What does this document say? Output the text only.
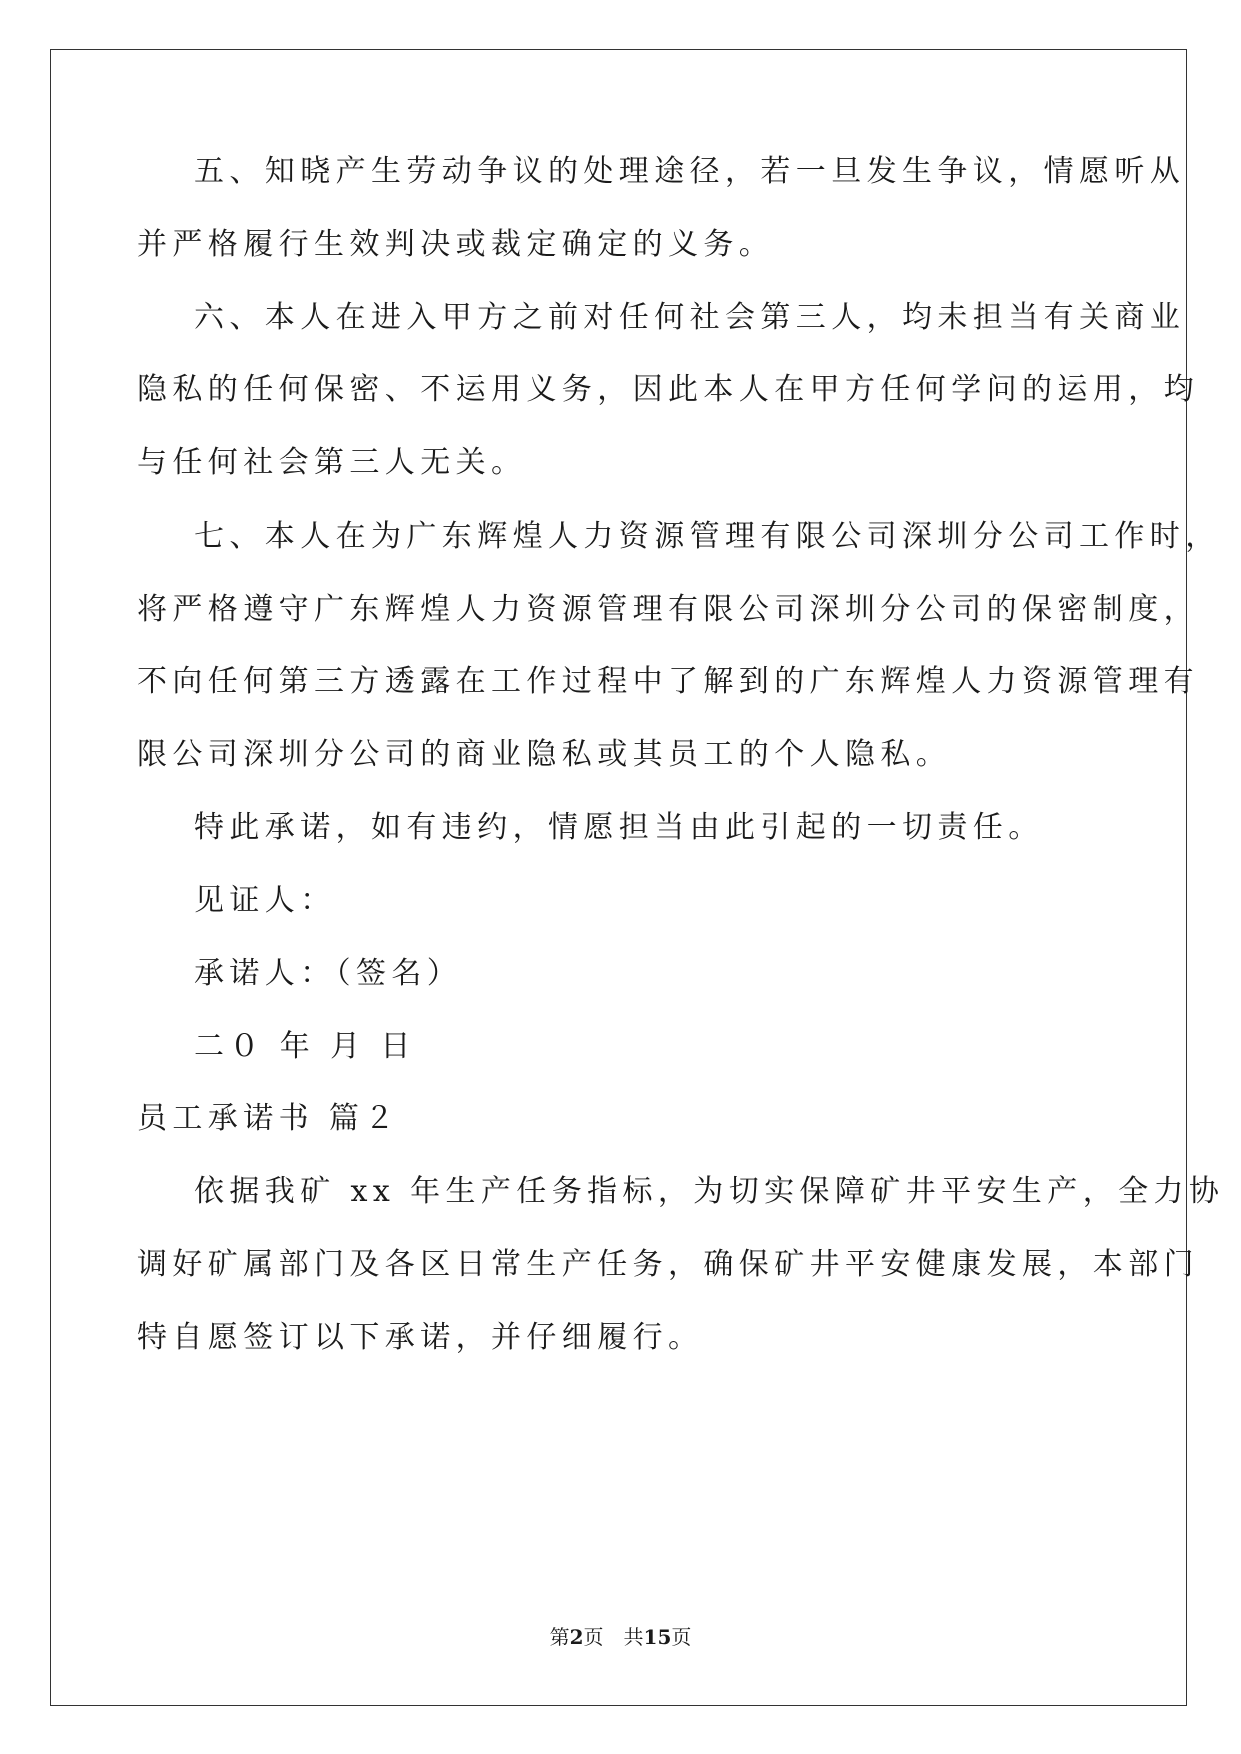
五、知晓产生劳动争议的处理途径，若一旦发生争议，情愿听从
并严格履行生效判决或裁定确定的义务。
六、本人在进入甲方之前对任何社会第三人，均未担当有关商业
隐私的任何保密、不运用义务，因此本人在甲方任何学问的运用，均
与任何社会第三人无关。
七、本人在为广东辉煌人力资源管理有限公司深圳分公司工作时，
将严格遵守广东辉煌人力资源管理有限公司深圳分公司的保密制度，
不向任何第三方透露在工作过程中了解到的广东辉煌人力资源管理有
限公司深圳分公司的商业隐私或其员工的个人隐私。
特此承诺，如有违约，情愿担当由此引起的一切责任。
见证人：
承诺人：（签名）
二０ 年 月 日
员工承诺书 篇２
依据我矿 xx 年生产任务指标，为切实保障矿井平安生产，全力协
调好矿属部门及各区日常生产任务，确保矿井平安健康发展，本部门
特自愿签订以下承诺，并仔细履行。
第2页 共15页
